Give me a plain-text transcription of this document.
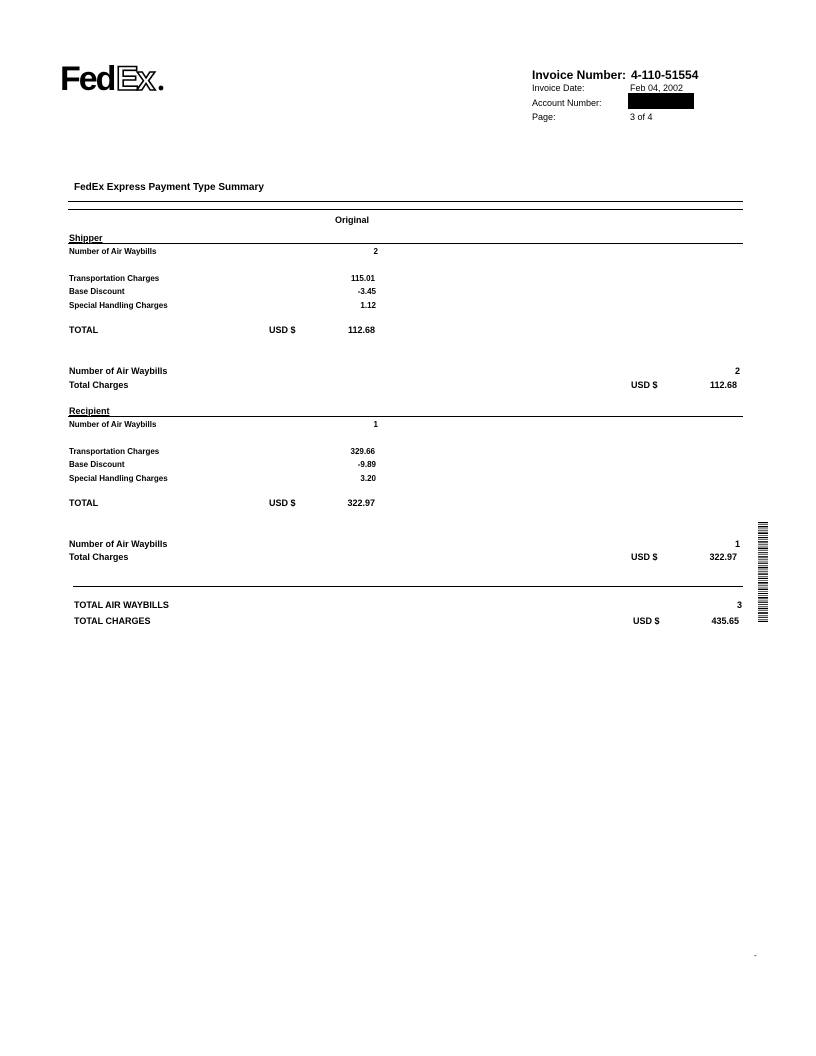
Fed Ex	Invoice Number: 4-110-51554
Invoice Date:	Feb 04, 2002
Account Number:
Page:	3 of 4
FedEx Express Payment Type Summary
Original
Shipper
Number of Air Waybills	2
Transportation Charges	115.01
Base Discount	-3.45
Special Handling Charges	1.12
TOTAL	USD $	112.68
Number of Air Waybills	2
Total Charges	USD $	112.68
Recipient
Number of Air Waybills	1
Transportation Charges	329.66
Base Discount	-9.89
Special Handling Charges	3.20
TOTAL	USD $	322.97
Number of Air Waybills	1
Total Charges	USD $	322.97
TOTAL AIR WAYBILLS	3
TOTAL CHARGES	USD $	435.65
-
